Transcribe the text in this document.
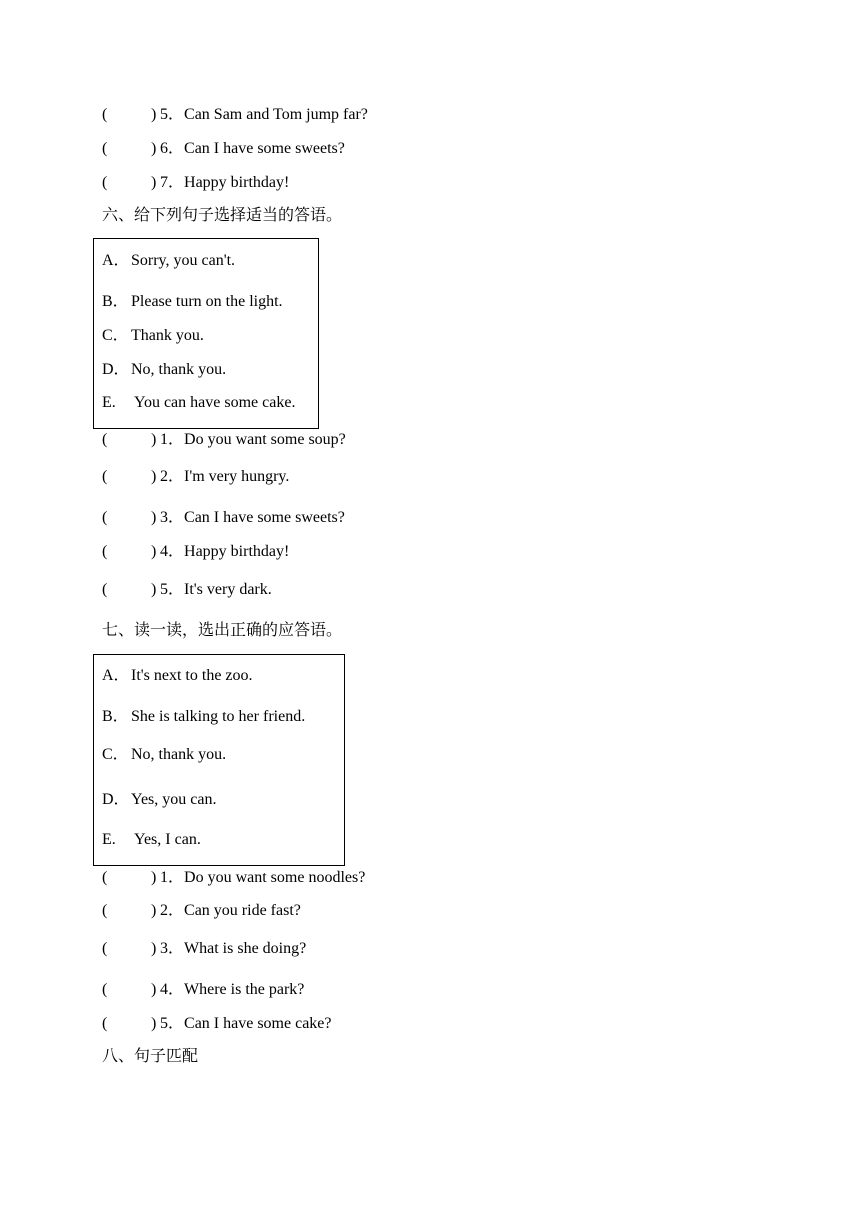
(	) 5．Can Sam and Tom jump far?
(	) 6．Can I have some sweets?
(	) 7．Happy birthday!
六、给下列句子选择适当的答语。
A．Sorry, you can't.
B． Please turn on the light.
C． Thank you.
D．No, thank you.
E. You can have some cake.
(	) 1．Do you want some soup?
(	) 2．I'm very hungry.
(	) 3．Can I have some sweets?
(	) 4．Happy birthday!
(	) 5．It's very dark.
七、读一读，选出正确的应答语。
A．It's next to the zoo.
B． She is talking to her friend.
C． No, thank you.
D．Yes, you can.
E. Yes, I can.
(	) 1．Do you want some noodles?
(	) 2．Can you ride fast?
(	) 3．What is she doing?
(	) 4．Where is the park?
(	) 5．Can I have some cake?
八、句子匹配
